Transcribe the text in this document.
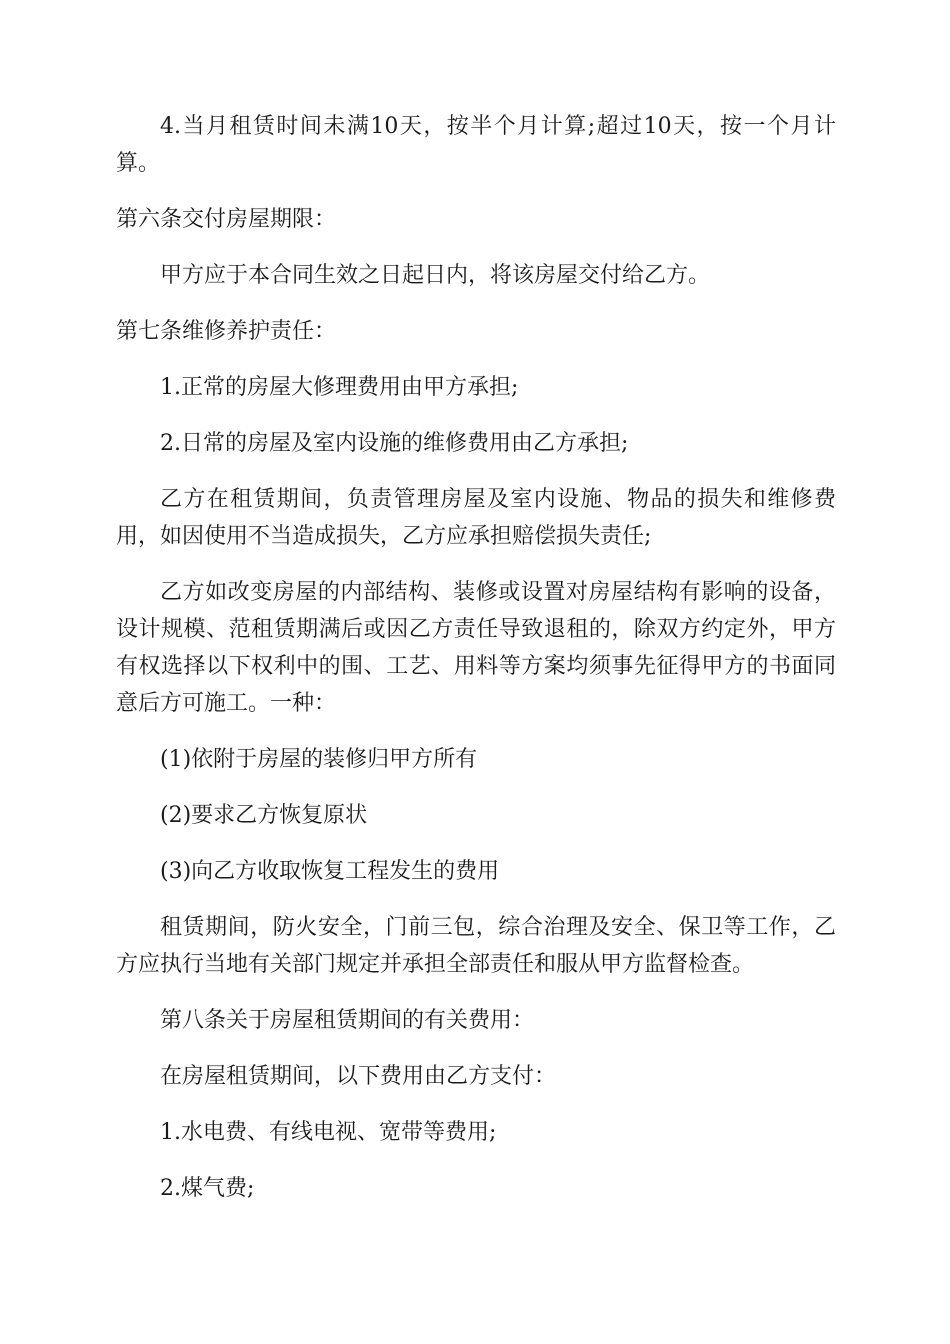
4.当月租赁时间未满10天，按半个月计算;超过10天，按一个月计算。

第六条交付房屋期限：

甲方应于本合同生效之日起日内，将该房屋交付给乙方。

第七条维修养护责任：

1.正常的房屋大修理费用由甲方承担;

2.日常的房屋及室内设施的维修费用由乙方承担;

乙方在租赁期间，负责管理房屋及室内设施、物品的损失和维修费用，如因使用不当造成损失，乙方应承担赔偿损失责任;

乙方如改变房屋的内部结构、装修或设置对房屋结构有影响的设备，设计规模、范租赁期满后或因乙方责任导致退租的，除双方约定外，甲方有权选择以下权利中的围、工艺、用料等方案均须事先征得甲方的书面同意后方可施工。一种：

(1)依附于房屋的装修归甲方所有

(2)要求乙方恢复原状

(3)向乙方收取恢复工程发生的费用

租赁期间，防火安全，门前三包，综合治理及安全、保卫等工作，乙方应执行当地有关部门规定并承担全部责任和服从甲方监督检查。

第八条关于房屋租赁期间的有关费用：

在房屋租赁期间，以下费用由乙方支付：

1.水电费、有线电视、宽带等费用;

2.煤气费;
